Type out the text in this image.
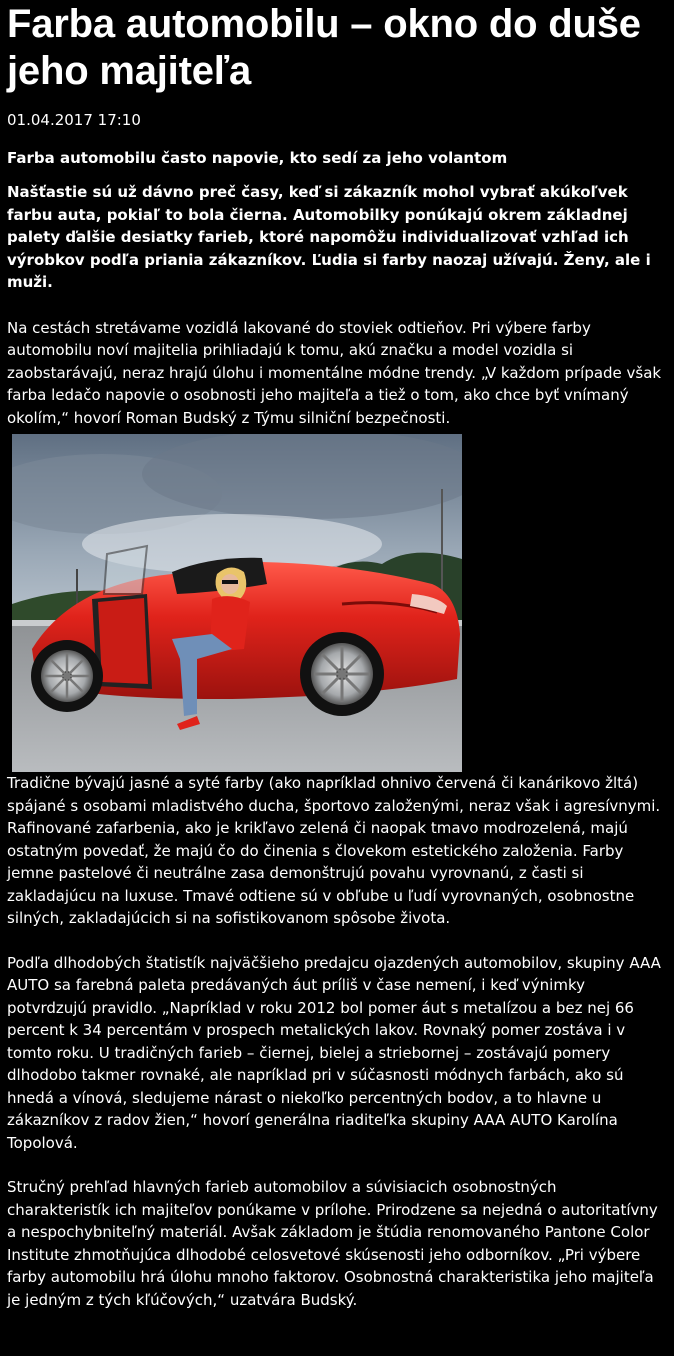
Farba automobilu – okno do duše jeho majiteľa
01.04.2017 17:10
Farba automobilu často napovie, kto sedí za jeho volantom
Našťastie sú už dávno preč časy, keď si zákazník mohol vybrať akúkoľvek farbu auta, pokiaľ to bola čierna. Automobilky ponúkajú okrem základnej palety ďalšie desiatky farieb, ktoré napomôžu individualizovať vzhľad ich výrobkov podľa priania zákazníkov. Ľudia si farby naozaj užívajú. Ženy, ale i muži.

Na cestách stretávame vozidlá lakované do stoviek odtieňov. Pri výbere farby automobilu noví majitelia prihliadajú k tomu, akú značku a model vozidla si zaobstarávajú, neraz hrajú úlohu i momentálne módne trendy. „V každom prípade však farba ledačo napovie o osobnosti jeho majiteľa a tiež o tom, ako chce byť vnímaný okolím,“ hovorí Roman Budský z Týmu silniční bezpečnosti.

Tradične bývajú jasné a syté farby (ako napríklad ohnivo červená či kanárikovo žltá) spájané s osobami mladistvého ducha, športovo založenými, neraz však i agresívnymi. Rafinované zafarbenia, ako je krikľavo zelená či naopak tmavo modrozelená, majú ostatným povedať, že majú čo do činenia s človekom estetického založenia. Farby jemne pastelové či neutrálne zasa demonštrujú povahu vyrovnanú, z časti si zakladajúcu na luxuse. Tmavé odtiene sú v obľube u ľudí vyrovnaných, osobnostne silných, zakladajúcich si na sofistikovanom spôsobe života.

Podľa dlhodobých štatistík najväčšieho predajcu ojazdených automobilov, skupiny AAA AUTO sa farebná paleta predávaných áut príliš v čase nemení, i keď výnimky potvrdzujú pravidlo. „Napríklad v roku 2012 bol pomer áut s metalízou a bez nej 66 percent k 34 percentám v prospech metalických lakov. Rovnaký pomer zostáva i v tomto roku. U tradičných farieb – čiernej, bielej a striebornej – zostávajú pomery dlhodobo takmer rovnaké, ale napríklad pri v súčasnosti módnych farbách, ako sú hnedá a vínová, sledujeme nárast o niekoľko percentných bodov, a to hlavne u zákazníkov z radov žien,“ hovorí generálna riaditeľka skupiny AAA AUTO Karolína Topolová.

Stručný prehľad hlavných farieb automobilov a súvisiacich osobnostných charakteristík ich majiteľov ponúkame v prílohe. Prirodzene sa nejedná o autoritatívny a nespochybniteľný materiál. Avšak základom je štúdia renomovaného Pantone Color Institute zhmotňujúca dlhodobé celosvetové skúsenosti jeho odborníkov. „Pri výbere farby automobilu hrá úlohu mnoho faktorov. Osobnostná charakteristika jeho majiteľa je jedným z tých kľúčových,“ uzatvára Budský.
